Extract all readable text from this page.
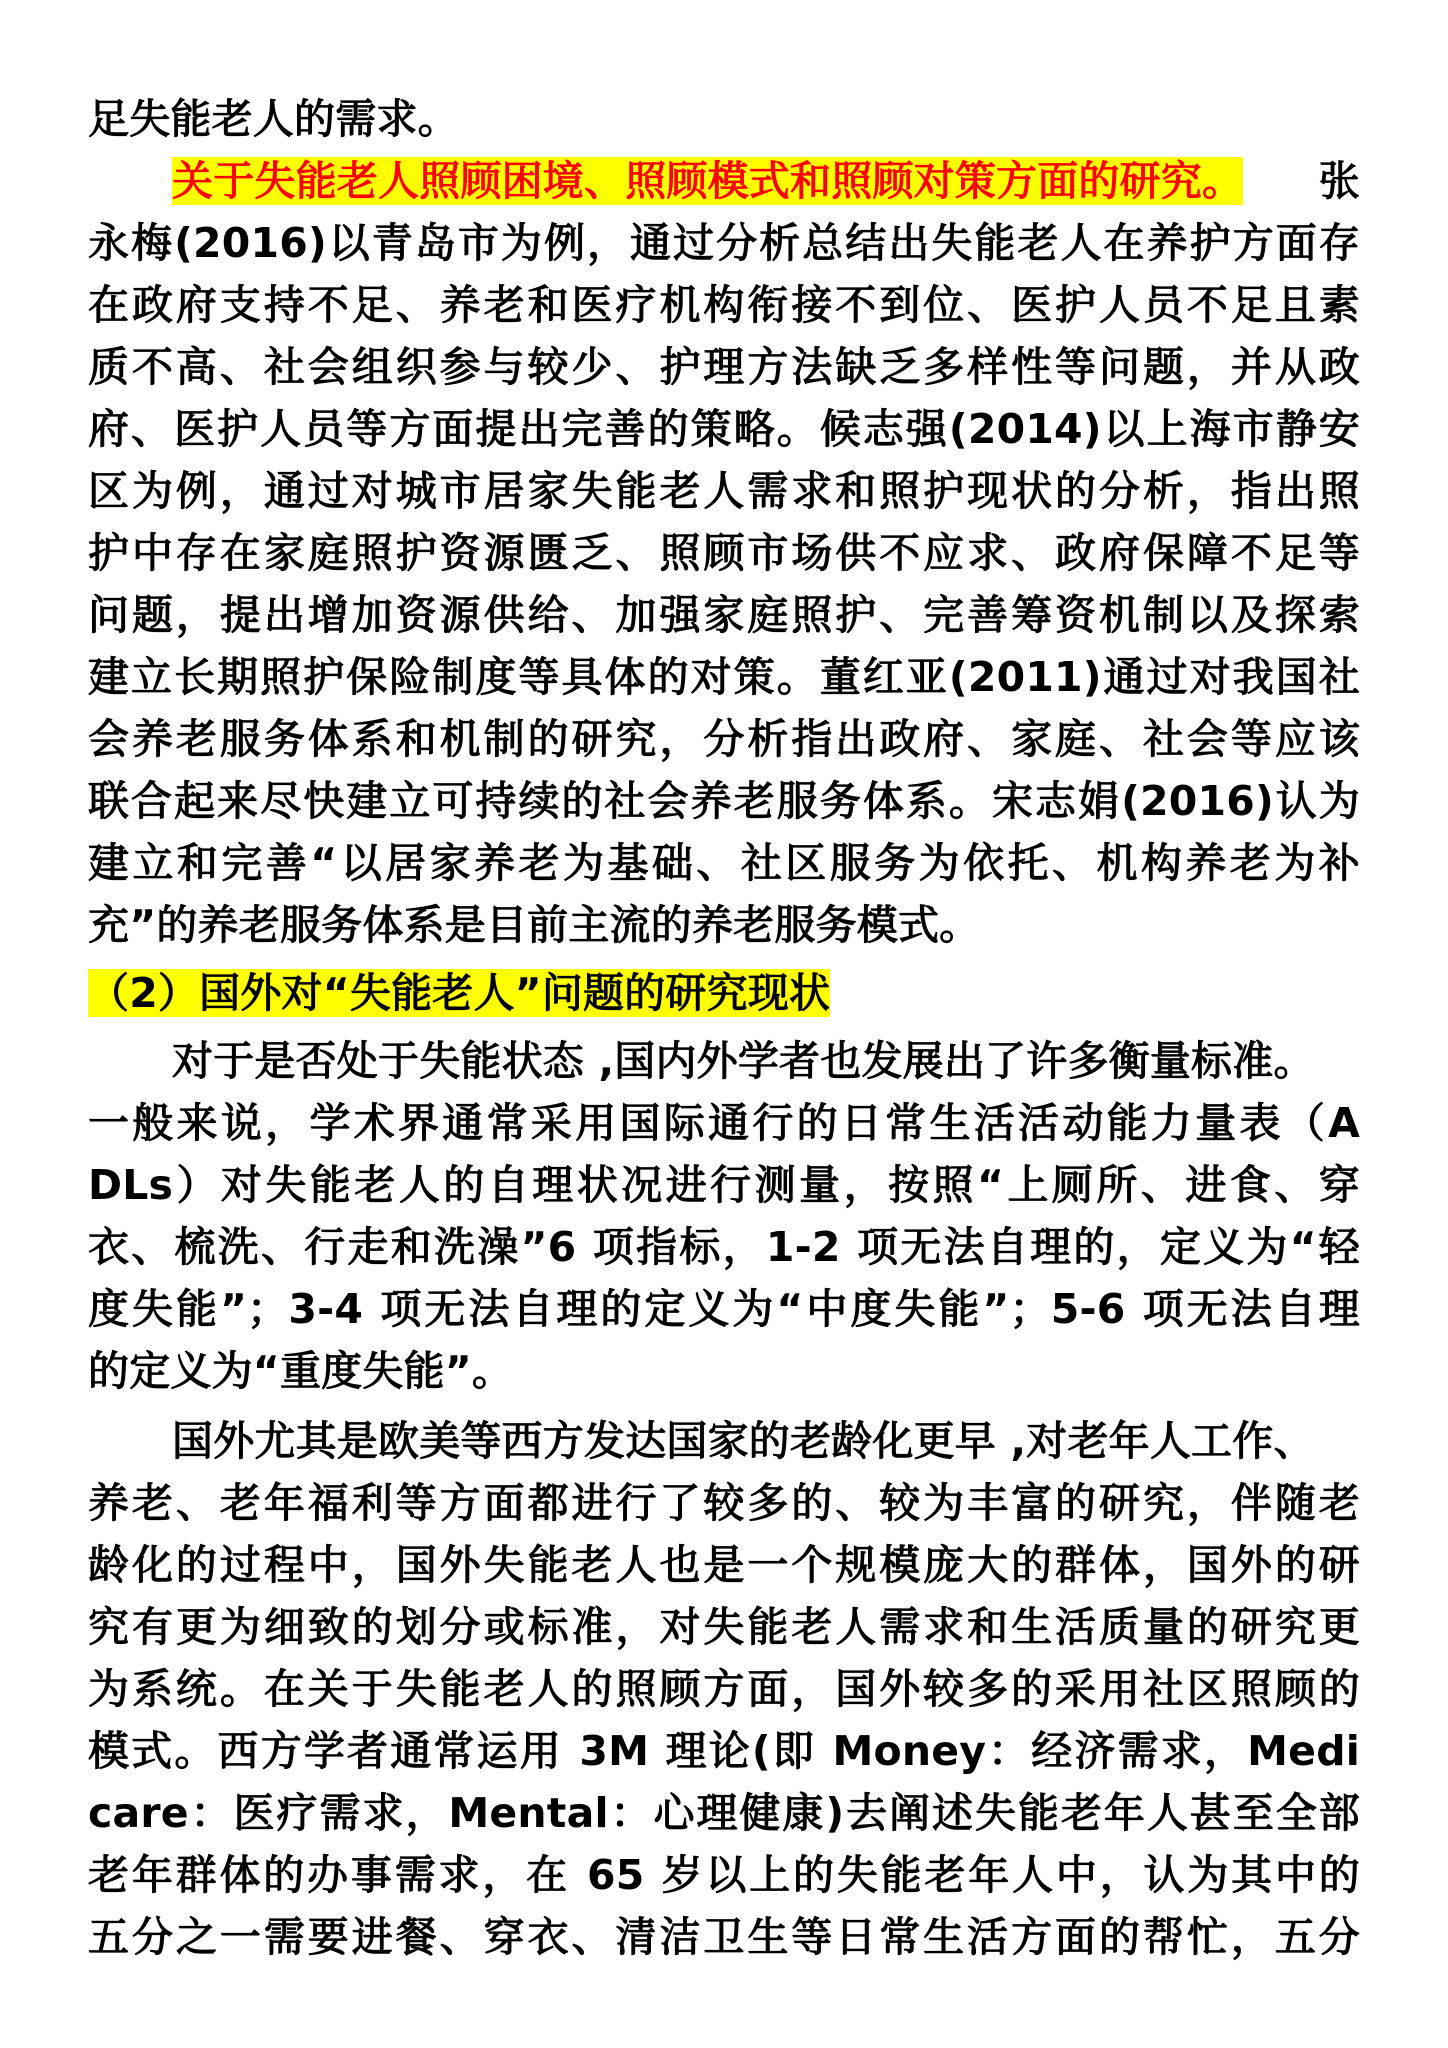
足失能老人的需求。
关于失能老人照顾困境、照顾模式和照顾对策方面的研究。 张
永梅(2016)以青岛市为例，通过分析总结出失能老人在养护方面存
在政府支持不足、养老和医疗机构衔接不到位、医护人员不足且素
质不高、社会组织参与较少、护理方法缺乏多样性等问题，并从政
府、医护人员等方面提出完善的策略。候志强(2014)以上海市静安
区为例，通过对城市居家失能老人需求和照护现状的分析，指出照
护中存在家庭照护资源匮乏、照顾市场供不应求、政府保障不足等
问题，提出增加资源供给、加强家庭照护、完善筹资机制以及探索
建立长期照护保险制度等具体的对策。董红亚(2011)通过对我国社
会养老服务体系和机制的研究，分析指出政府、家庭、社会等应该
联合起来尽快建立可持续的社会养老服务体系。宋志娟(2016)认为
建立和完善“以居家养老为基础、社区服务为依托、机构养老为补
充”的养老服务体系是目前主流的养老服务模式。
（2）国外对“失能老人”问题的研究现状
对于是否处于失能状态 ,国内外学者也发展出了许多衡量标准。
一般来说，学术界通常采用国际通行的日常生活活动能力量表（A
DLs）对失能老人的自理状况进行测量，按照“上厕所、进食、穿
衣、梳洗、行走和洗澡”6 项指标，1-2 项无法自理的，定义为“轻
度失能”；3-4 项无法自理的定义为“中度失能”；5-6 项无法自理
的定义为“重度失能”。
国外尤其是欧美等西方发达国家的老龄化更早 ,对老年人工作、
养老、老年福利等方面都进行了较多的、较为丰富的研究，伴随老
龄化的过程中，国外失能老人也是一个规模庞大的群体，国外的研
究有更为细致的划分或标准，对失能老人需求和生活质量的研究更
为系统。在关于失能老人的照顾方面，国外较多的采用社区照顾的
模式。西方学者通常运用 3M 理论(即 Money：经济需求，Medi
care：医疗需求，Mental：心理健康)去阐述失能老年人甚至全部
老年群体的办事需求，在 65 岁以上的失能老年人中，认为其中的
五分之一需要进餐、穿衣、清洁卫生等日常生活方面的帮忙，五分
